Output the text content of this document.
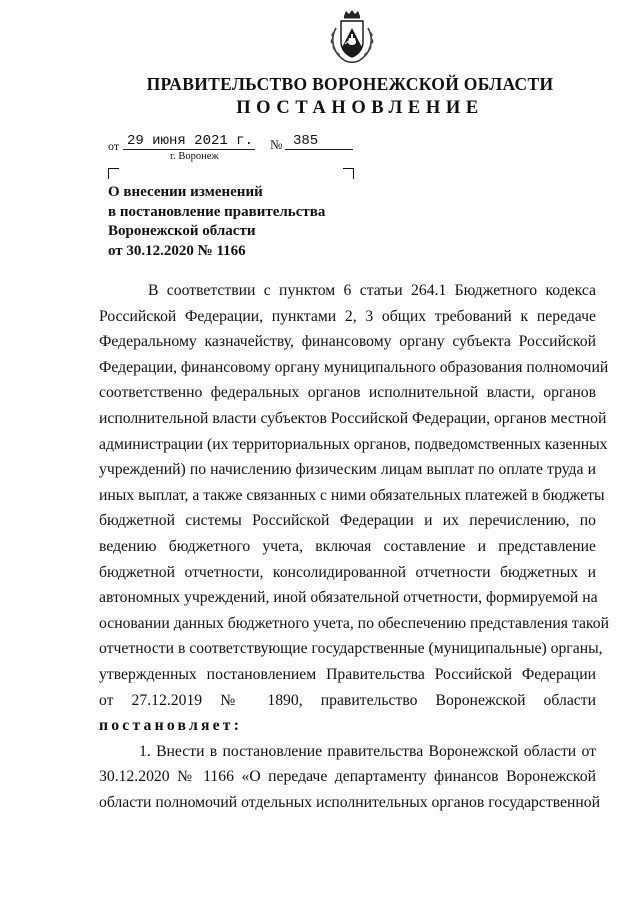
ПРАВИТЕЛЬСТВО ВОРОНЕЖСКОЙ ОБЛАСТИ
ПОСТАНОВЛЕНИЕ
от 29 июня 2021 г. № 385
г. Воронеж
О внесении изменений
в постановление правительства
Воронежской области
от 30.12.2020 № 1166
В соответствии с пунктом 6 статьи 264.1 Бюджетного кодекса
Российской Федерации, пунктами 2, 3 общих требований к передаче
Федеральному казначейству, финансовому органу субъекта Российской
Федерации, финансовому органу муниципального образования полномочий
соответственно федеральных органов исполнительной власти, органов
исполнительной власти субъектов Российской Федерации, органов местной
администрации (их территориальных органов, подведомственных казенных
учреждений) по начислению физическим лицам выплат по оплате труда и
иных выплат, а также связанных с ними обязательных платежей в бюджеты
бюджетной системы Российской Федерации и их перечислению, по
ведению бюджетного учета, включая составление и представление
бюджетной отчетности, консолидированной отчетности бюджетных и
автономных учреждений, иной обязательной отчетности, формируемой на
основании данных бюджетного учета, по обеспечению представления такой
отчетности в соответствующие государственные (муниципальные) органы,
утвержденных постановлением Правительства Российской Федерации
от 27.12.2019 № 1890, правительство Воронежской области
постановляет:
1. Внести в постановление правительства Воронежской области от
30.12.2020 № 1166 «О передаче департаменту финансов Воронежской
области полномочий отдельных исполнительных органов государственной
